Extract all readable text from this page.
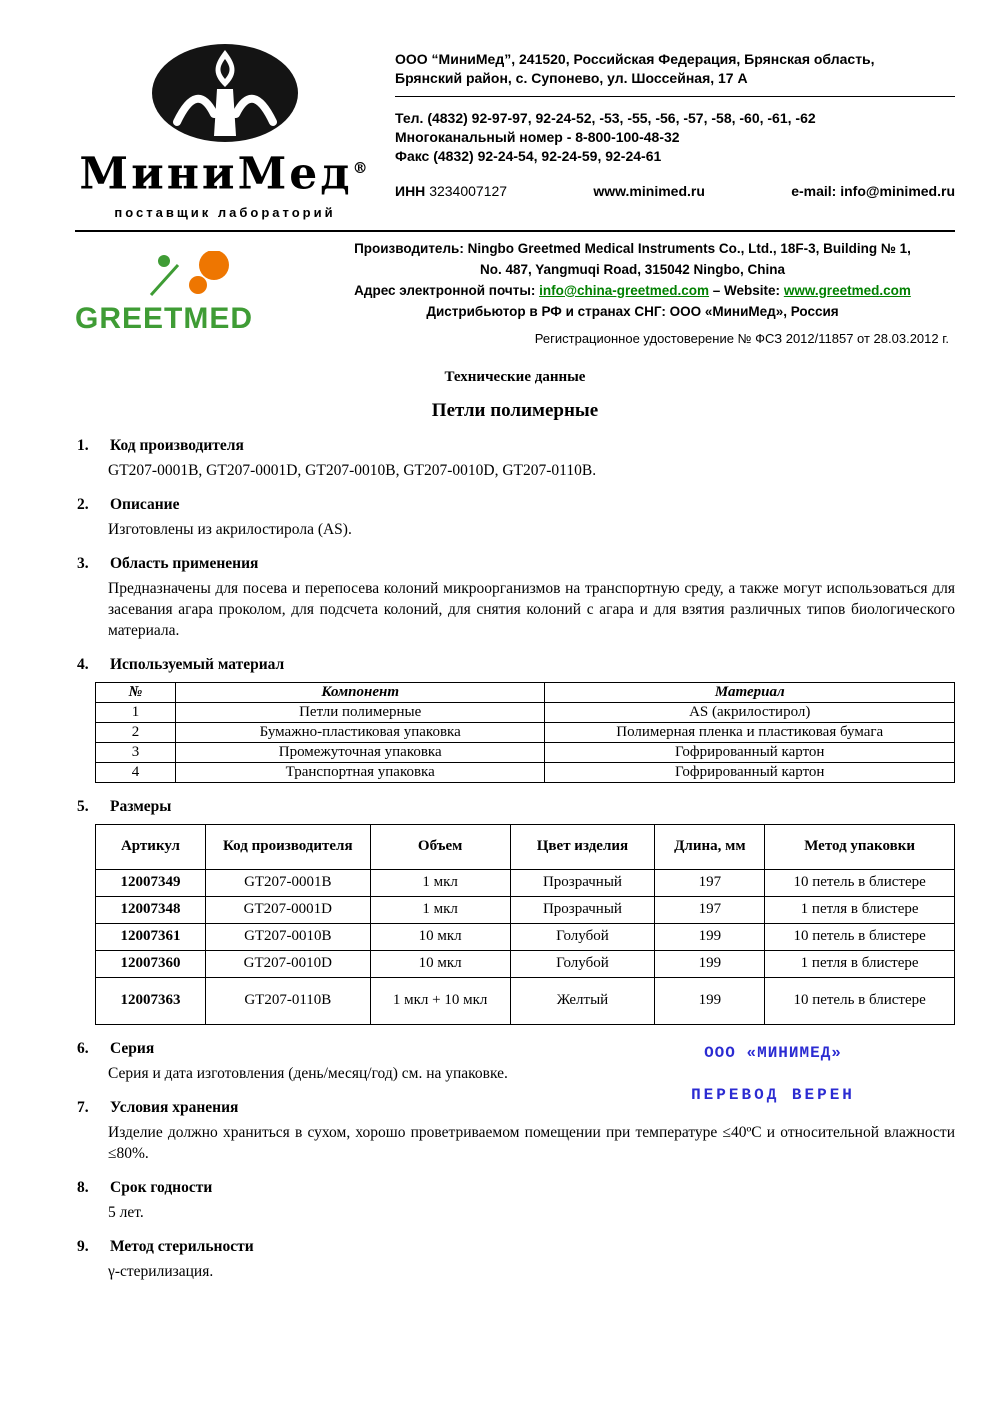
МиниМед®
поставщик лабораторий
ООО “МиниМед”, 241520, Российская Федерация, Брянская область,
Брянский район, с. Супонево, ул. Шоссейная, 17 А
Тел. (4832) 92-97-97, 92-24-52, -53, -55, -56, -57, -58, -60, -61, -62
Многоканальный номер - 8-800-100-48-32
Факс (4832) 92-24-54, 92-24-59, 92-24-61
ИНН 3234007127	www.minimed.ru	e-mail: info@minimed.ru
GREETMED
Производитель: Ningbo Greetmed Medical Instruments Co., Ltd., 18F-3, Building № 1,
No. 487, Yangmuqi Road, 315042 Ningbo, China
Адрес электронной почты: info@china-greetmed.com – Website: www.greetmed.com
Дистрибьютор в РФ и странах СНГ: ООО «МиниМед», Россия
Регистрационное удостоверение № ФСЗ 2012/11857 от 28.03.2012 г.
Технические данные
Петли полимерные
1.	Код производителя
GT207-0001B, GT207-0001D, GT207-0010B, GT207-0010D, GT207-0110B.
2.	Описание
Изготовлены из акрилостирола (AS).
3.	Область применения
Предназначены для посева и перепосева колоний микроорганизмов на транспортную среду, а также могут использоваться для засевания агара проколом, для подсчета колоний, для снятия колоний с агара и для взятия различных типов биологического материала.
4.	Используемый материал
№	Компонент	Материал
1	Петли полимерные	AS (акрилостирол)
2	Бумажно-пластиковая упаковка	Полимерная пленка и пластиковая бумага
3	Промежуточная упаковка	Гофрированный картон
4	Транспортная упаковка	Гофрированный картон
5.	Размеры
Артикул	Код производителя	Объем	Цвет изделия	Длина, мм	Метод упаковки
12007349	GT207-0001B	1 мкл	Прозрачный	197	10 петель в блистере
12007348	GT207-0001D	1 мкл	Прозрачный	197	1 петля в блистере
12007361	GT207-0010B	10 мкл	Голубой	199	10 петель в блистере
12007360	GT207-0010D	10 мкл	Голубой	199	1 петля в блистере
12007363	GT207-0110B	1 мкл + 10 мкл	Желтый	199	10 петель в блистере
6.	Серия
Серия и дата изготовления (день/месяц/год) см. на упаковке.
ООО «МИНИМЕД»
ПЕРЕВОД ВЕРЕН
7.	Условия хранения
Изделие должно храниться в сухом, хорошо проветриваемом помещении при температуре ≤40ºС и относительной влажности ≤80%.
8.	Срок годности
5 лет.
9.	Метод стерильности
γ-стерилизация.
